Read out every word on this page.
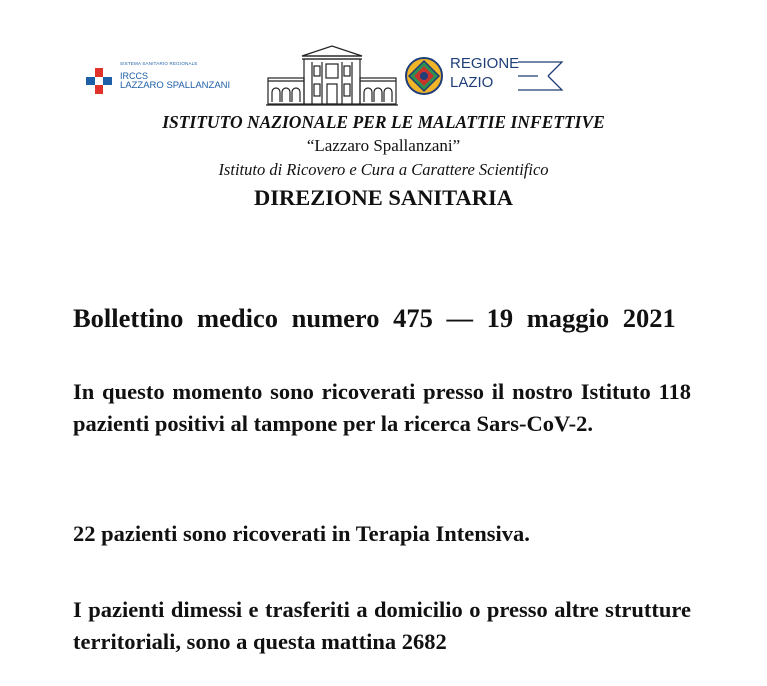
SISTEMA SANITARIO REGIONALE
IRCCS
LAZZARO SPALLANZANI
REGIONE
LAZIO
ISTITUTO NAZIONALE PER LE MALATTIE INFETTIVE
“Lazzaro Spallanzani”
Istituto di Ricovero e Cura a Carattere Scientifico
DIREZIONE SANITARIA

Bollettino medico numero 475 — 19 maggio 2021

In questo momento sono ricoverati presso il nostro Istituto 118 pazienti positivi al tampone per la ricerca Sars-CoV-2.

22 pazienti sono ricoverati in Terapia Intensiva.

I pazienti dimessi e trasferiti a domicilio o presso altre strutture territoriali, sono a questa mattina 2682
